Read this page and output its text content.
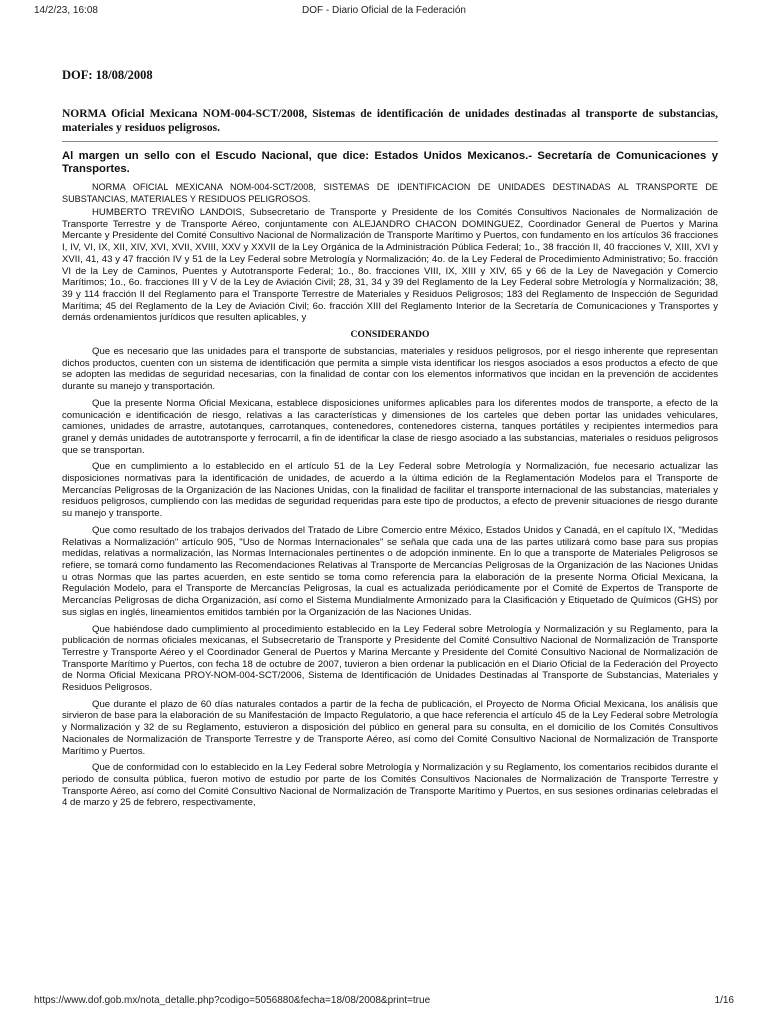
14/2/23, 16:08	DOF - Diario Oficial de la Federación
DOF: 18/08/2008
NORMA Oficial Mexicana NOM-004-SCT/2008, Sistemas de identificación de unidades destinadas al transporte de substancias, materiales y residuos peligrosos.
Al margen un sello con el Escudo Nacional, que dice: Estados Unidos Mexicanos.- Secretaría de Comunicaciones y Transportes.
NORMA OFICIAL MEXICANA NOM-004-SCT/2008, SISTEMAS DE IDENTIFICACION DE UNIDADES DESTINADAS AL TRANSPORTE DE SUBSTANCIAS, MATERIALES Y RESIDUOS PELIGROSOS.

HUMBERTO TREVIÑO LANDOIS, Subsecretario de Transporte y Presidente de los Comités Consultivos Nacionales de Normalización de Transporte Terrestre y de Transporte Aéreo, conjuntamente con ALEJANDRO CHACON DOMINGUEZ, Coordinador General de Puertos y Marina Mercante y Presidente del Comité Consultivo Nacional de Normalización de Transporte Marítimo y Puertos, con fundamento en los artículos 36 fracciones I, IV, VI, IX, XII, XIV, XVI, XVII, XVIII, XXV y XXVII de la Ley Orgánica de la Administración Pública Federal; 1o., 38 fracción II, 40 fracciones V, XIII, XVI y XVII, 41, 43 y 47 fracción IV y 51 de la Ley Federal sobre Metrología y Normalización; 4o. de la Ley Federal de Procedimiento Administrativo; 5o. fracción VI de la Ley de Caminos, Puentes y Autotransporte Federal; 1o., 8o. fracciones VIII, IX, XIII y XIV, 65 y 66 de la Ley de Navegación y Comercio Marítimos; 1o., 6o. fracciones III y V de la Ley de Aviación Civil; 28, 31, 34 y 39 del Reglamento de la Ley Federal sobre Metrología y Normalización; 38, 39 y 114 fracción II del Reglamento para el Transporte Terrestre de Materiales y Residuos Peligrosos; 183 del Reglamento de Inspección de Seguridad Marítima; 45 del Reglamento de la Ley de Aviación Civil; 6o. fracción XIII del Reglamento Interior de la Secretaría de Comunicaciones y Transportes y demás ordenamientos jurídicos que resulten aplicables, y

CONSIDERANDO

Que es necesario que las unidades para el transporte de substancias, materiales y residuos peligrosos, por el riesgo inherente que representan dichos productos, cuenten con un sistema de identificación que permita a simple vista identificar los riesgos asociados a esos productos a efecto de que se adopten las medidas de seguridad necesarias, con la finalidad de contar con los elementos informativos que incidan en la prevención de accidentes durante su manejo y transportación.

Que la presente Norma Oficial Mexicana, establece disposiciones uniformes aplicables para los diferentes modos de transporte, a efecto de la comunicación e identificación de riesgo, relativas a las características y dimensiones de los carteles que deben portar las unidades vehiculares, camiones, unidades de arrastre, autotanques, carrotanques, contenedores, contenedores cisterna, tanques portátiles y recipientes intermedios para granel y demás unidades de autotransporte y ferrocarril, a fin de identificar la clase de riesgo asociado a las substancias, materiales o residuos peligrosos que se transportan.

Que en cumplimiento a lo establecido en el artículo 51 de la Ley Federal sobre Metrología y Normalización, fue necesario actualizar las disposiciones normativas para la identificación de unidades, de acuerdo a la última edición de la Reglamentación Modelos para el Transporte de Mercancías Peligrosas de la Organización de las Naciones Unidas, con la finalidad de facilitar el transporte internacional de las substancias, materiales y residuos peligrosos, cumpliendo con las medidas de seguridad requeridas para este tipo de productos, a efecto de prevenir situaciones de riesgo durante su manejo y transporte.

Que como resultado de los trabajos derivados del Tratado de Libre Comercio entre México, Estados Unidos y Canadá, en el capítulo IX, "Medidas Relativas a Normalización" artículo 905, "Uso de Normas Internacionales" se señala que cada una de las partes utilizará como base para sus propias medidas, relativas a normalización, las Normas Internacionales pertinentes o de adopción inminente. En lo que a transporte de Materiales Peligrosos se refiere, se tomará como fundamento las Recomendaciones Relativas al Transporte de Mercancías Peligrosas de la Organización de las Naciones Unidas u otras Normas que las partes acuerden, en este sentido se toma como referencia para la elaboración de la presente Norma Oficial Mexicana, la Regulación Modelo, para el Transporte de Mercancías Peligrosas, la cual es actualizada periódicamente por el Comité de Expertos de Transporte de Mercancías Peligrosas de dicha Organización, así como el Sistema Mundialmente Armonizado para la Clasificación y Etiquetado de Químicos (GHS) por sus siglas en inglés, lineamientos emitidos también por la Organización de las Naciones Unidas.

Que habiéndose dado cumplimiento al procedimiento establecido en la Ley Federal sobre Metrología y Normalización y su Reglamento, para la publicación de normas oficiales mexicanas, el Subsecretario de Transporte y Presidente del Comité Consultivo Nacional de Normalización de Transporte Terrestre y Transporte Aéreo y el Coordinador General de Puertos y Marina Mercante y Presidente del Comité Consultivo Nacional de Normalización de Transporte Marítimo y Puertos, con fecha 18 de octubre de 2007, tuvieron a bien ordenar la publicación en el Diario Oficial de la Federación del Proyecto de Norma Oficial Mexicana PROY-NOM-004-SCT/2006, Sistema de Identificación de Unidades Destinadas al Transporte de Substancias, Materiales y Residuos Peligrosos.

Que durante el plazo de 60 días naturales contados a partir de la fecha de publicación, el Proyecto de Norma Oficial Mexicana, los análisis que sirvieron de base para la elaboración de su Manifestación de Impacto Regulatorio, a que hace referencia el artículo 45 de la Ley Federal sobre Metrología y Normalización y 32 de su Reglamento, estuvieron a disposición del público en general para su consulta, en el domicilio de los Comités Consultivos Nacionales de Normalización de Transporte Terrestre y de Transporte Aéreo, así como del Comité Consultivo Nacional de Normalización de Transporte Marítimo y Puertos.

Que de conformidad con lo establecido en la Ley Federal sobre Metrología y Normalización y su Reglamento, los comentarios recibidos durante el periodo de consulta pública, fueron motivo de estudio por parte de los Comités Consultivos Nacionales de Normalización de Transporte Terrestre y Transporte Aéreo, así como del Comité Consultivo Nacional de Normalización de Transporte Marítimo y Puertos, en sus sesiones ordinarias celebradas el 4 de marzo y 25 de febrero, respectivamente,

https://www.dof.gob.mx/nota_detalle.php?codigo=5056880&fecha=18/08/2008&print=true	1/16
